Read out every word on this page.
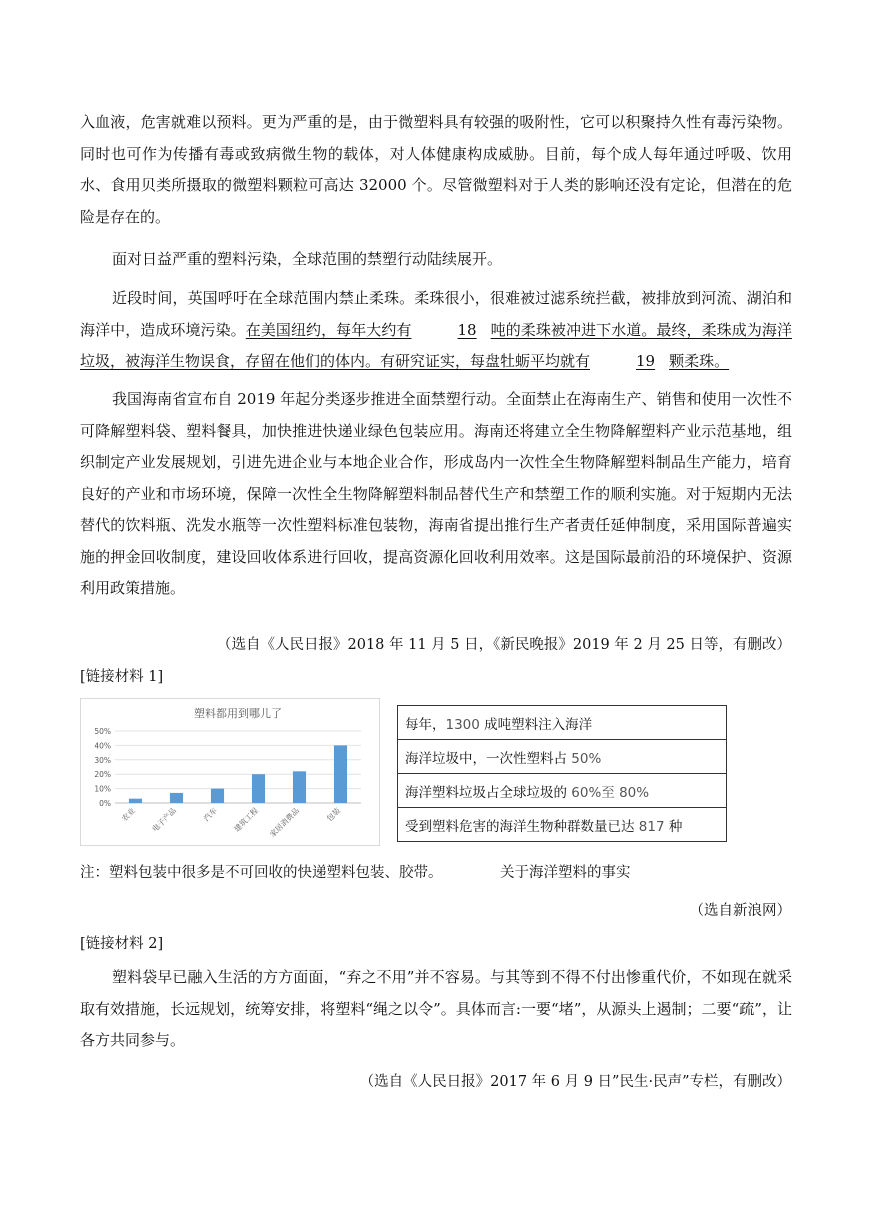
入血液，危害就难以预料。更为严重的是，由于微塑料具有较强的吸附性，它可以积聚持久性有毒污染物。同时也可作为传播有毒或致病微生物的载体，对人体健康构成威胁。目前，每个成人每年通过呼吸、饮用水、食用贝类所摄取的微塑料颗粒可高达 32000 个。尽管微塑料对于人类的影响还没有定论，但潜在的危险是存在的。

面对日益严重的塑料污染，全球范围的禁塑行动陆续展开。

近段时间，英国呼吁在全球范围内禁止柔珠。柔珠很小，很难被过滤系统拦截，被排放到河流、湖泊和海洋中，造成环境污染。在美国纽约，每年大约有	18 吨的柔珠被冲进下水道。最终，柔珠成为海洋垃圾，被海洋生物误食，存留在他们的体内。有研究证实，每盘牡蛎平均就有	19 颗柔珠。

我国海南省宣布自 2019 年起分类逐步推进全面禁塑行动。全面禁止在海南生产、销售和使用一次性不可降解塑料袋、塑料餐具，加快推进快递业绿色包装应用。海南还将建立全生物降解塑料产业示范基地，组织制定产业发展规划，引进先进企业与本地企业合作，形成岛内一次性全生物降解塑料制品生产能力，培育良好的产业和市场环境，保障一次性全生物降解塑料制品替代生产和禁塑工作的顺利实施。对于短期内无法替代的饮料瓶、洗发水瓶等一次性塑料标准包装物，海南省提出推行生产者责任延伸制度，采用国际普遍实施的押金回收制度，建设回收体系进行回收，提高资源化回收利用效率。这是国际最前沿的环境保护、资源利用政策措施。

（选自《人民日报》2018 年 11 月 5 日，《新民晚报》2019 年 2 月 25 日等，有删改）
[链接材料 1]
塑料都用到哪儿了
0%
10%
20%
30%
40%
50%
农业 电子产品	汽车 建筑工程 家居消费品	包装
每年，1300 成吨塑料注入海洋
海洋垃圾中，一次性塑料占 50%
海洋塑料垃圾占全球垃圾的 60%至 80%
受到塑料危害的海洋生物种群数量已达 817 种
注：塑料包装中很多是不可回收的快递塑料包装、胶带。	关于海洋塑料的事实
（选自新浪网）
[链接材料 2]

塑料袋早已融入生活的方方面面，“弃之不用”并不容易。与其等到不得不付出惨重代价，不如现在就采取有效措施，长远规划，统筹安排，将塑料“绳之以令”。具体而言:一要“堵”，从源头上遏制；二要“疏”，让各方共同参与。

（选自《人民日报》2017 年 6 月 9 日”民生·民声”专栏，有删改）
